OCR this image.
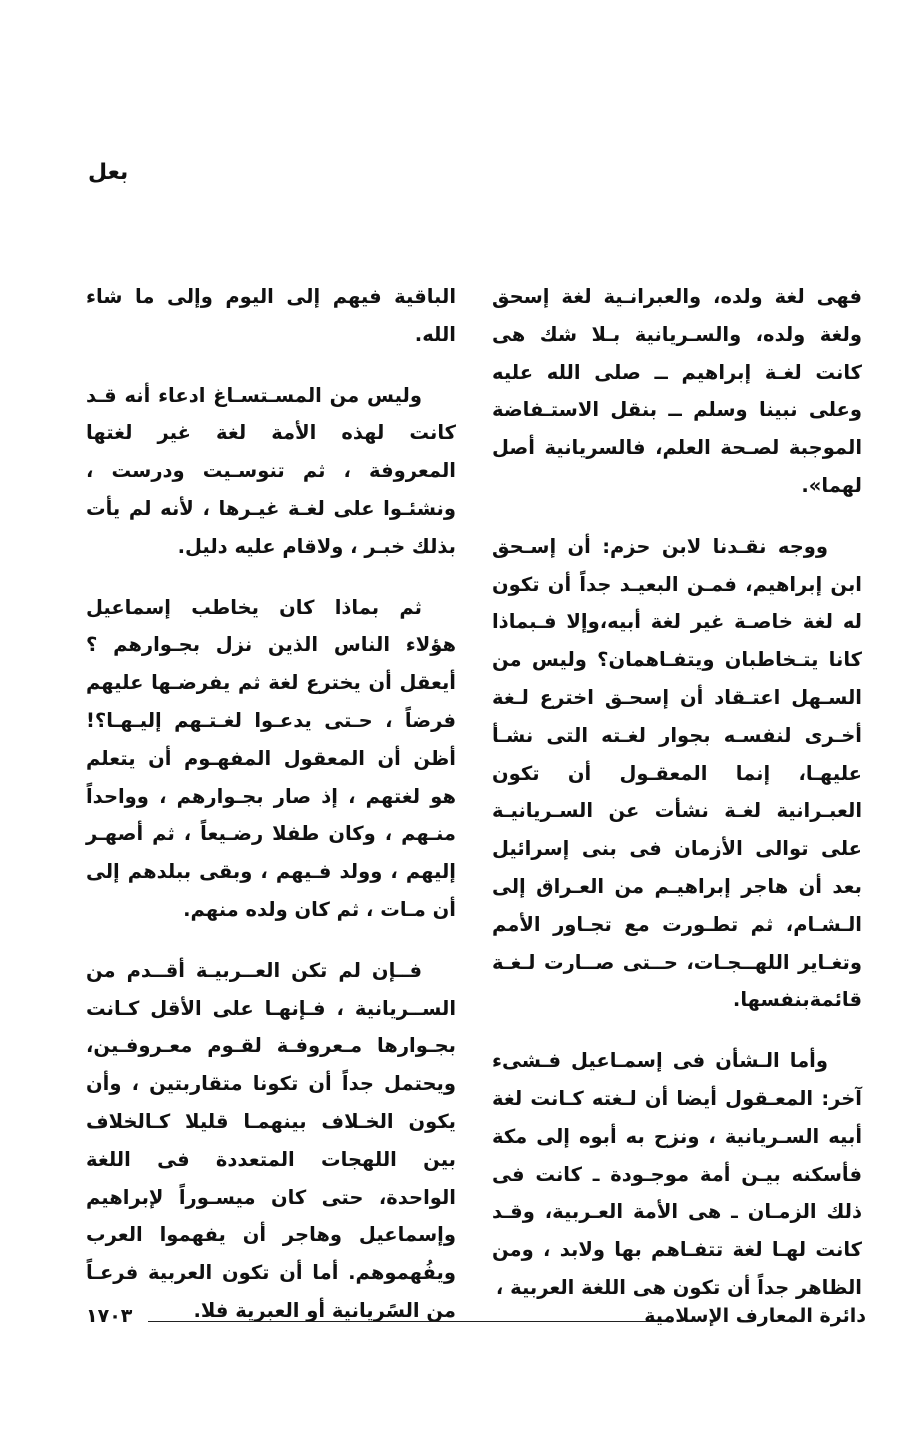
بعل

فهى لغة ولده، والعبرانـية لغة إسحق ولغة ولده، والسـريانية بـلا شك هى كانت لغـة إبراهيم ــ صلى الله عليه وعلى نبينا وسلم ــ بنقل الاستـفاضة الموجبة لصـحة العلم، فالسريانية أصل لهما».

ووجه نقـدنا لابن حزم: أن إسـحق ابن إبراهيم، فمـن البعيـد جداً أن تكون له لغة خاصـة غير لغة أبيه،وإلا فـبماذا كانا يتـخاطبان ويتفـاهمان؟ وليس من السـهل اعتـقاد أن إسحـق اخترع لـغة أخـرى لنفسـه بجوار لغـته التى نشـأ عليهـا، إنما المعقـول أن تكون العبـرانية لغـة نشأت عن السـريانيـة على توالى الأزمان فى بنى إسرائيل بعد أن هاجر إبراهيـم من العـراق إلى الـشـام، ثم تطـورت مع تجـاور الأمم وتغـاير اللهــجـات، حــتى صــارت لـغـة قائمةبنفسها.

وأما الـشأن فى إسمـاعيل فـشىء آخر: المعـقول أيضا أن لـغته كـانت لغة أبيه السـريانية ، ونزح به أبوه إلى مكة فأسكنه بيـن أمة موجـودة ـ كانت فى ذلك الزمـان ـ هى الأمة العـربية، وقـد كانت لهـا لغة تتفـاهم بها ولابد ، ومن الظاهر جداً أن تكون هى اللغة العربية ،

الباقية فيهم إلى اليوم وإلى ما شاء الله.

وليس من المسـتسـاغ ادعاء أنه قـد كانت لهذه الأمة لغة غير لغتها المعروفة ، ثم تنوسـيت ودرست ، ونشئـوا على لغـة غيـرها ، لأنه لم يأت بذلك خبـر ، ولاقام عليه دليل.

ثم بماذا كان يخاطب إسماعيل هؤلاء الناس الذين نزل بجـوارهم ؟ أيعقل أن يخترع لغة ثم يفرضـها عليهم فرضاً ، حـتى يدعـوا لغـتـهم إليـهـا؟! أظن أن المعقول المفهـوم أن يتعلم هو لغتهم ، إذ صار بجـوارهم ، وواحداً منـهم ، وكان طفلا رضـيعاً ، ثم أصهـر إليهم ، وولد فـيهم ، وبقى ببلدهم إلى أن مـات ، ثم كان ولده منهم.

فــإن لم تكن العــربيـة أقــدم من الســريانية ، فـإنهـا على الأقل كـانت بجـوارها مـعروفـة لقـوم معـروفـين، ويحتمل جداً أن تكونا متقاربتين ، وأن يكون الخـلاف بينهمـا قليلا كـالخلاف بين اللهجات المتعددة فى اللغة الواحدة، حتى كان ميسـوراً لإبراهيم وإسماعيل وهاجر أن يفهموا العرب ويفُهموهم. أما أن تكون العربية فرعـاً من السًريانية أو العبرية فلا.

١٧٠٣	دائرة المعارف الإسلامية
